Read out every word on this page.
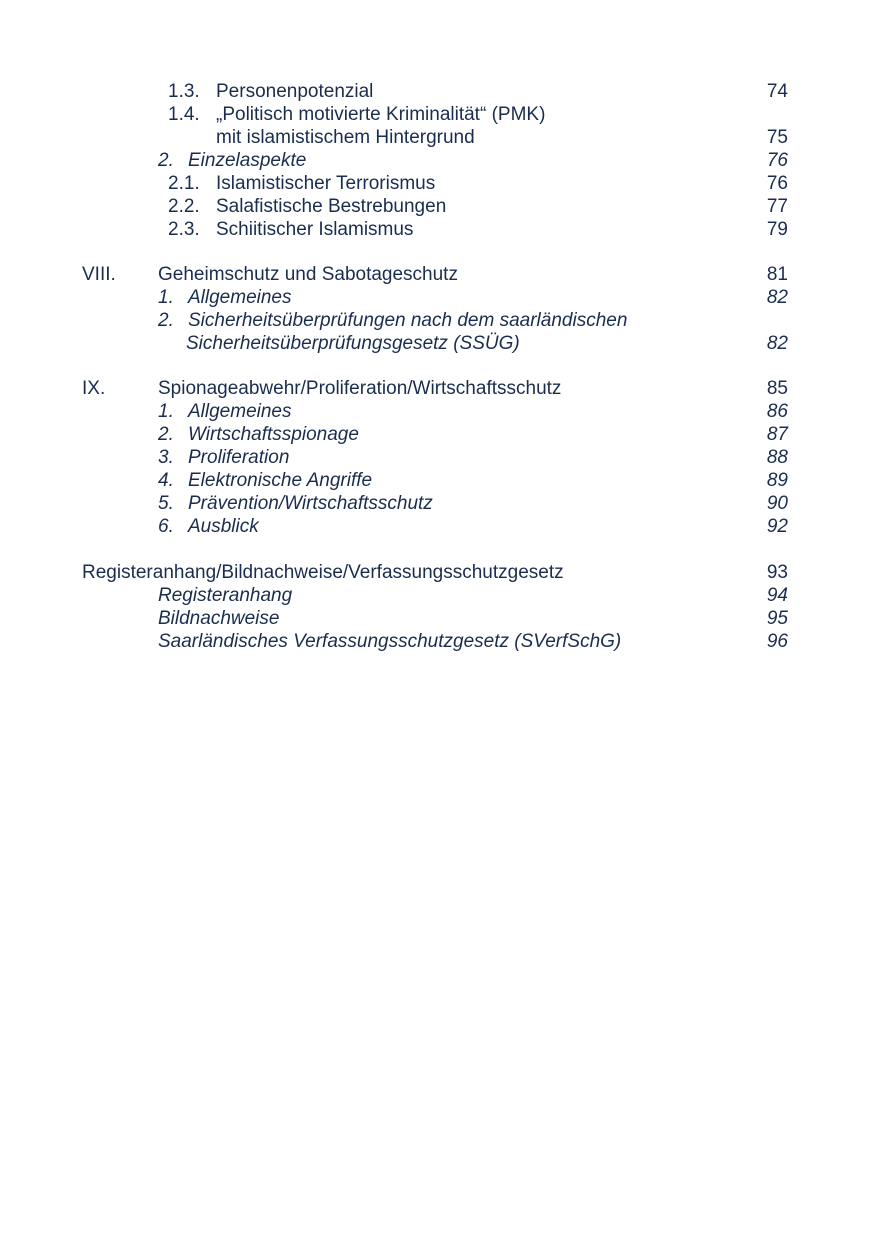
1.3. Personenpotenzial	74
1.4. „Politisch motivierte Kriminalität“ (PMK)
mit islamistischem Hintergrund	75
2. Einzelaspekte	76
2.1. Islamistischer Terrorismus	76
2.2. Salafistische Bestrebungen	77
2.3. Schiitischer Islamismus	79
VIII. Geheimschutz und Sabotageschutz	81
1. Allgemeines	82
2. Sicherheitsüberprüfungen nach dem saarländischen
Sicherheitsüberprüfungsgesetz (SSÜG)	82
IX.	Spionageabwehr/Proliferation/Wirtschaftsschutz	85
1. Allgemeines	86
2. Wirtschaftsspionage	87
3. Proliferation	88
4. Elektronische Angriffe	89
5. Prävention/Wirtschaftsschutz	90
6. Ausblick	92
Registeranhang/Bildnachweise/Verfassungsschutzgesetz	93
Registeranhang	94
Bildnachweise	95
Saarländisches Verfassungsschutzgesetz (SVerfSchG)	96
